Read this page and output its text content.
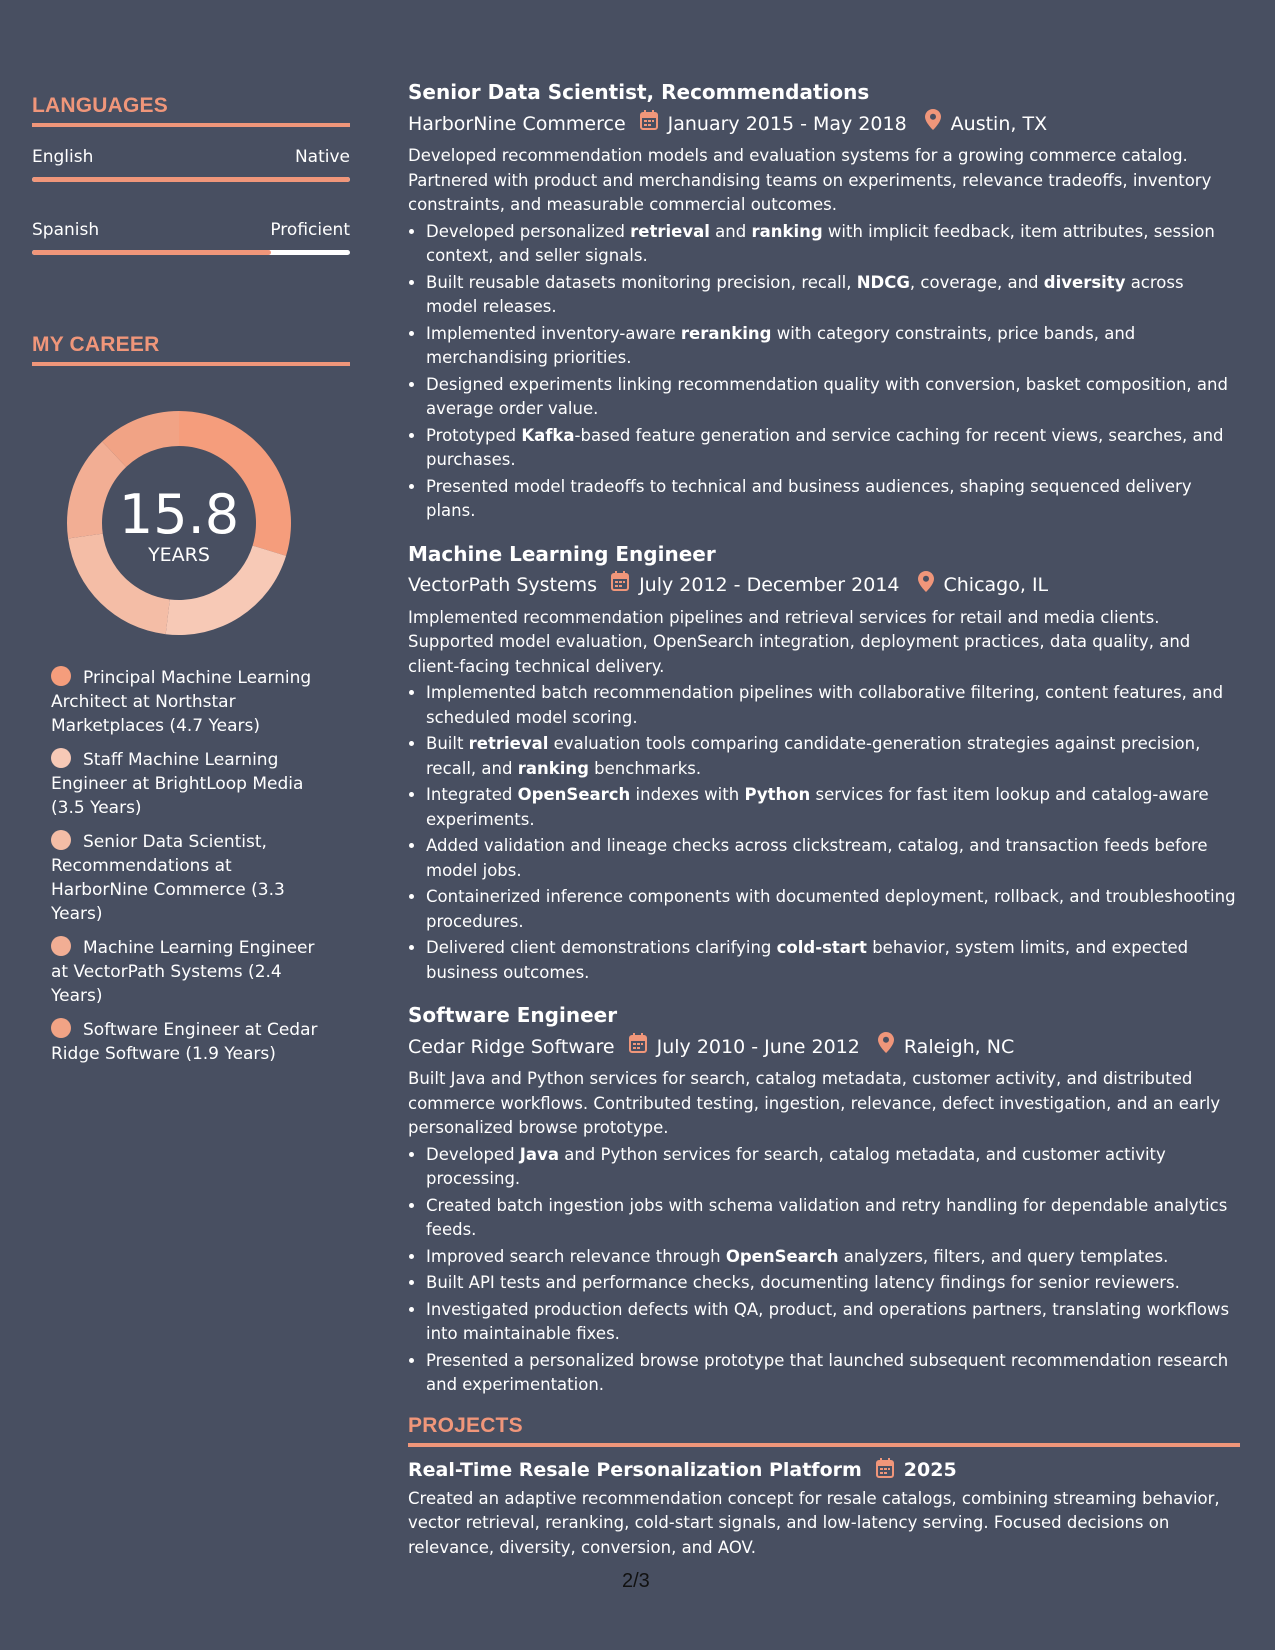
LANGUAGES
English	Native
Spanish	Proficient
MY CAREER
15.8
YEARS
Principal Machine Learning Architect at Northstar Marketplaces (4.7 Years)
Staff Machine Learning Engineer at BrightLoop Media (3.5 Years)
Senior Data Scientist, Recommendations at HarborNine Commerce (3.3 Years)
Machine Learning Engineer at VectorPath Systems (2.4 Years)
Software Engineer at Cedar Ridge Software (1.9 Years)
Senior Data Scientist, Recommendations
HarborNine Commerce January 2015 - May 2018 Austin, TX
Developed recommendation models and evaluation systems for a growing commerce catalog. Partnered with product and merchandising teams on experiments, relevance tradeoffs, inventory constraints, and measurable commercial outcomes.
• Developed personalized retrieval and ranking with implicit feedback, item attributes, session context, and seller signals.
• Built reusable datasets monitoring precision, recall, NDCG, coverage, and diversity across model releases.
• Implemented inventory-aware reranking with category constraints, price bands, and merchandising priorities.
• Designed experiments linking recommendation quality with conversion, basket composition, and average order value.
• Prototyped Kafka-based feature generation and service caching for recent views, searches, and purchases.
• Presented model tradeoffs to technical and business audiences, shaping sequenced delivery plans.
Machine Learning Engineer
VectorPath Systems July 2012 - December 2014 Chicago, IL
Implemented recommendation pipelines and retrieval services for retail and media clients. Supported model evaluation, OpenSearch integration, deployment practices, data quality, and client-facing technical delivery.
• Implemented batch recommendation pipelines with collaborative filtering, content features, and scheduled model scoring.
• Built retrieval evaluation tools comparing candidate-generation strategies against precision, recall, and ranking benchmarks.
• Integrated OpenSearch indexes with Python services for fast item lookup and catalog-aware experiments.
• Added validation and lineage checks across clickstream, catalog, and transaction feeds before model jobs.
• Containerized inference components with documented deployment, rollback, and troubleshooting procedures.
• Delivered client demonstrations clarifying cold-start behavior, system limits, and expected business outcomes.
Software Engineer
Cedar Ridge Software July 2010 - June 2012 Raleigh, NC
Built Java and Python services for search, catalog metadata, customer activity, and distributed commerce workflows. Contributed testing, ingestion, relevance, defect investigation, and an early personalized browse prototype.
• Developed Java and Python services for search, catalog metadata, and customer activity processing.
• Created batch ingestion jobs with schema validation and retry handling for dependable analytics feeds.
• Improved search relevance through OpenSearch analyzers, filters, and query templates.
• Built API tests and performance checks, documenting latency findings for senior reviewers.
• Investigated production defects with QA, product, and operations partners, translating workflows into maintainable fixes.
• Presented a personalized browse prototype that launched subsequent recommendation research and experimentation.
PROJECTS
Real-Time Resale Personalization Platform 2025
Created an adaptive recommendation concept for resale catalogs, combining streaming behavior, vector retrieval, reranking, cold-start signals, and low-latency serving. Focused decisions on relevance, diversity, conversion, and AOV.
2/3
